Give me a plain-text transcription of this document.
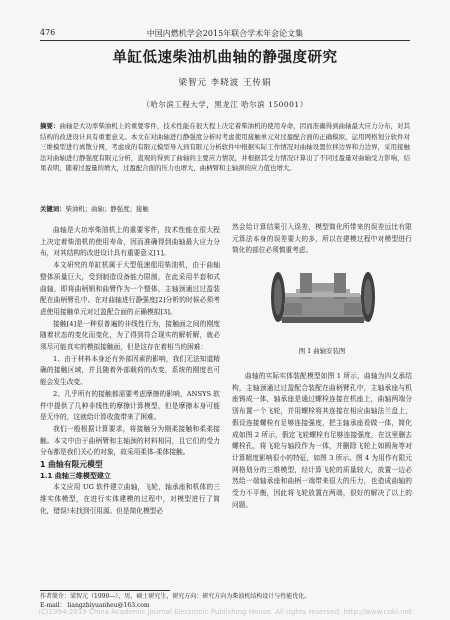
476	中国内燃机学会2015年联合学术年会论文集
单缸低速柴油机曲轴的静强度研究
梁智元 李晓波 王传娟
（哈尔滨工程大学，黑龙江 哈尔滨 150001）
摘要：曲轴是大功率柴油机上的重要零件，技术性能在很大程上决定着柴油机的使用寿命，因而准确得到曲轴最大应力分布，对其结构的改进设计具有重要意义。本文在对曲轴进行静强度分析时考虑使用接触单元对过盈配合面的正确模拟，运用网格划分软件对三维模型进行离散分网，考虑成的有限元模型导入到有限元分析软件中根据实际工作情况对曲轴设置位移边界和力边界，采用接触法对曲轴进行静强度有限元分析，直观的得到了曲轴的主要应力情况，并根据其受力情况计算出了不同过盈量对曲轴受力影响，结果表明，随着过盈量的增大，过盈配合面的压力也增大，曲柄臂和主轴颈的应力值也增大。
关键词：柴油机；曲轴；静强度；接触

曲轴是大功率柴油机上的重要零件，技术性能在很大程上决定着柴油机的使用寿命，因而准确得到曲轴最大应力分布，对其结构的改进设计具有重要意义[1]。

本文研究的单缸机属于大型低速船用柴油机，由于曲轴整体质量巨大，受到制造设备能力限制，在此采用半套和式曲轴，即将曲柄销和曲臂作为一个整体，主轴颈通过过盈装配在曲柄臂孔中。在对曲轴进行静强度[2]分析的时候必须考虑使用接触单元对过盈配合面的正确模拟[3]。

接触[4]是一种很普遍的非线性行为，接触面之间的刚度随着状态的变化而变化，为了得到符合现实的解析解，就必须尽可能真实的模拟接触面，但是这存在着相当的困难：

1、由于材料本身还有外部因素的影响，我们无法知道精确的接触区域，并且随着外部载荷的改变，系统的刚度也可能会发生改变。

2、几乎所有的接触都需要考虑摩擦的影响，ANSYS 软件中提供了几种非线性的摩擦计算模型，但是摩擦本身可能是无序的，这就给计算收敛带来了困难。

我们一般根据计算要求，将接触分为刚柔接触和柔柔接触。本文中由于曲柄臂和主轴颈的材料相同，且它们的受力分布都是我们关心的对象，故采用柔体-柔体接触。

1 曲轴有限元模型

1.1 曲轴三维模型建立

本文应用 UG 软件建立曲轴，飞轮，轴承座和机体的三维实体模型，在进行实体建模的过程中，对模型进行了简化，错误!未找到引用源。但是简化模型必

然会给计算结果引入误差，模型简化所带来的误差远比有限元算法本身的误差要大的多，所以在建模过程中对模型进行简化的部位必须慎重考虑。

图 1 曲轴安装图

曲轴的实际实体装配模型如图 1 所示，曲轴为四支承结构，主轴颈通过过盈配合装配在曲柄臂孔中，主轴承座与机座铸成一体，轴承座是通过螺栓连接在机座上，曲轴两端分别布置一个飞轮，并用螺栓将其连接在相应曲轴法兰盘上，假设连接螺栓有足够连接强度，把主轴承座看做一体，简化成如图 2 所示，假定飞轮螺栓有足够连接强度，在这里删去螺栓孔，将飞轮与轴段作为一体，并删除飞轮上如圆角等对计算精度影响很小的特征，如图 3 所示。图 4 为用作有限元网格划分的三维模型，经计算飞轮的质量较大，放置一边必然给一端轴承座和曲柄一端带来很大的压力，也造成曲轴的受力不平衡，因此将飞轮放置在两端，很好的解决了以上的问题。

作者简介：梁智元（1990—），男，硕士研究生，研究方向：研究方向为柴油机结构设计与性能优化。
E-mail： liangzhiyuanheu@163.com
(C)1994-2019 China Academic Journal Electronic Publishing House. All rights reserved. http://www.cnki.net
